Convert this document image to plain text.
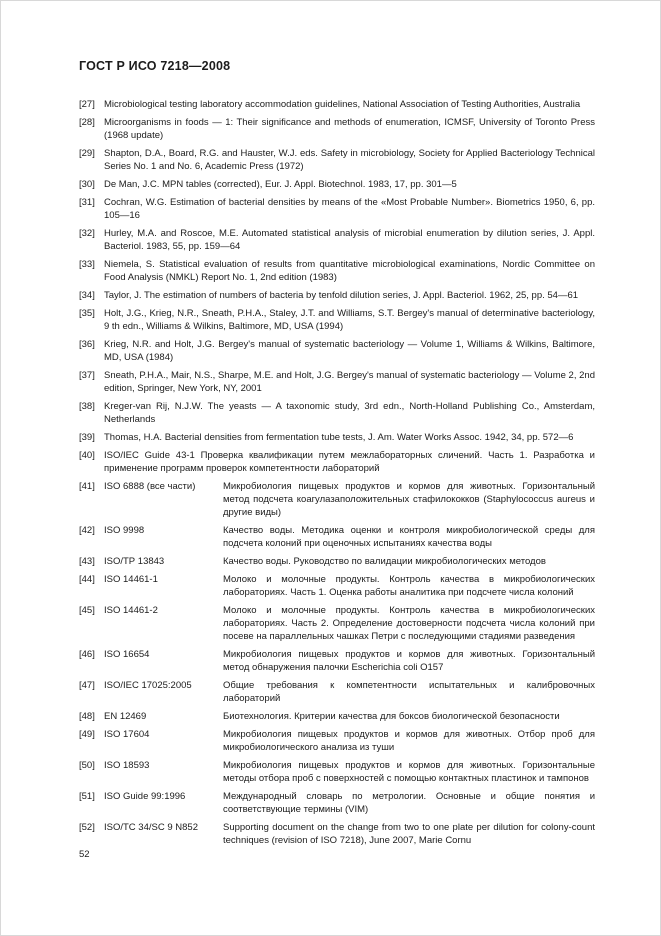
ГОСТ Р ИСО 7218—2008
[27] Microbiological testing laboratory accommodation guidelines, National Association of Testing Authorities, Australia
[28] Microorganisms in foods — 1: Their significance and methods of enumeration, ICMSF, University of Toronto Press (1968 update)
[29] Shapton, D.A., Board, R.G. and Hauster, W.J. eds. Safety in microbiology, Society for Applied Bacteriology Technical Series No. 1 and No. 6, Academic Press (1972)
[30] De Man, J.C. MPN tables (corrected), Eur. J. Appl. Biotechnol. 1983, 17, pp. 301—5
[31] Cochran, W.G. Estimation of bacterial densities by means of the «Most Probable Number». Biometrics 1950, 6, pp. 105—16
[32] Hurley, M.A. and Roscoe, M.E. Automated statistical analysis of microbial enumeration by dilution series, J. Appl. Bacteriol. 1983, 55, pp. 159—64
[33] Niemela, S. Statistical evaluation of results from quantitative microbiological examinations, Nordic Committee on Food Analysis (NMKL) Report No. 1, 2nd edition (1983)
[34] Taylor, J. The estimation of numbers of bacteria by tenfold dilution series, J. Appl. Bacteriol. 1962, 25, pp. 54—61
[35] Holt, J.G., Krieg, N.R., Sneath, P.H.A., Staley, J.T. and Williams, S.T. Bergey's manual of determinative bacteriology, 9 th edn., Williams & Wilkins, Baltimore, MD, USA (1994)
[36] Krieg, N.R. and Holt, J.G. Bergey's manual of systematic bacteriology — Volume 1, Williams & Wilkins, Baltimore, MD, USA (1984)
[37] Sneath, P.H.A., Mair, N.S., Sharpe, M.E. and Holt, J.G. Bergey's manual of systematic bacteriology — Volume 2, 2nd edition, Springer, New York, NY, 2001
[38] Kreger-van Rij, N.J.W. The yeasts — A taxonomic study, 3rd edn., North-Holland Publishing Co., Amsterdam, Netherlands
[39] Thomas, H.A. Bacterial densities from fermentation tube tests, J. Am. Water Works Assoc. 1942, 34, pp. 572—6
[40] ISO/IEC Guide 43-1 Проверка квалификации путем межлабораторных сличений. Часть 1. Разработка и применение программ проверок компетентности лабораторий
[41] ISO 6888 (все части)	Микробиология пищевых продуктов и кормов для животных. Горизонтальный метод подсчета коагулазаположительных стафилококков (Staphylococcus aureus и другие виды)
[42] ISO 9998	Качество воды. Методика оценки и контроля микробиологической среды для подсчета колоний при оценочных испытаниях качества воды
[43] ISO/ТР 13843	Качество воды. Руководство по валидации микробиологических методов
[44] ISO 14461-1	Молоко и молочные продукты. Контроль качества в микробиологических лабораториях. Часть 1. Оценка работы аналитика при подсчете числа колоний
[45] ISO 14461-2	Молоко и молочные продукты. Контроль качества в микробиологических лабораториях. Часть 2. Определение достоверности подсчета числа колоний при посеве на параллельных чашках Петри с последующими стадиями разведения
[46] ISO 16654	Микробиология пищевых продуктов и кормов для животных. Горизонтальный метод обнаружения палочки Escherichia coli O157
[47] ISO/IEC 17025:2005	Общие требования к компетентности испытательных и калибровочных лабораторий
[48] EN 12469	Биотехнология. Критерии качества для боксов биологической безопасности
[49] ISO 17604	Микробиология пищевых продуктов и кормов для животных. Отбор проб для микробиологического анализа из туши
[50] ISO 18593	Микробиология пищевых продуктов и кормов для животных. Горизонтальные методы отбора проб с поверхностей с помощью контактных пластинок и тампонов
[51] ISO Guide 99:1996	Международный словарь по метрологии. Основные и общие понятия и соответствующие термины (VIM)
[52] ISO/TC 34/SC 9 N852	Supporting document on the change from two to one plate per dilution for colony-count techniques (revision of ISO 7218), June 2007, Marie Cornu
52
